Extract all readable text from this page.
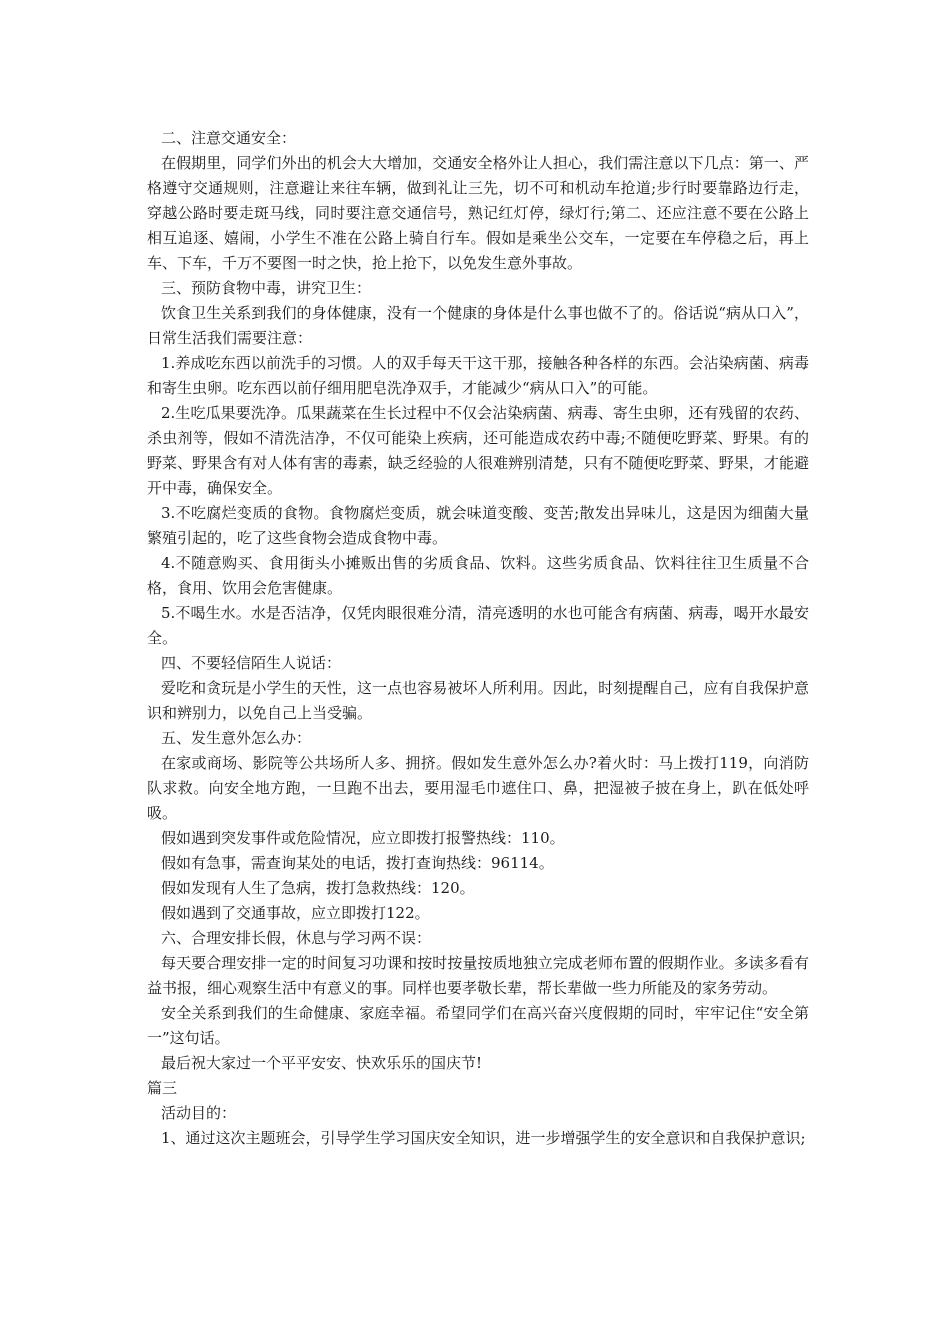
二、注意交通安全：

在假期里，同学们外出的机会大大增加，交通安全格外让人担心，我们需注意以下几点：第一、严格遵守交通规则，注意避让来往车辆，做到礼让三先，切不可和机动车抢道;步行时要靠路边行走，穿越公路时要走斑马线，同时要注意交通信号，熟记红灯停，绿灯行;第二、还应注意不要在公路上相互追逐、嬉闹，小学生不准在公路上骑自行车。假如是乘坐公交车，一定要在车停稳之后，再上车、下车，千万不要图一时之快，抢上抢下，以免发生意外事故。

三、预防食物中毒，讲究卫生：

饮食卫生关系到我们的身体健康，没有一个健康的身体是什么事也做不了的。俗话说“病从口入”，日常生活我们需要注意：

1.养成吃东西以前洗手的习惯。人的双手每天干这干那，接触各种各样的东西。会沾染病菌、病毒和寄生虫卵。吃东西以前仔细用肥皂洗净双手，才能减少“病从口入”的可能。

2.生吃瓜果要洗净。瓜果蔬菜在生长过程中不仅会沾染病菌、病毒、寄生虫卵，还有残留的农药、杀虫剂等，假如不清洗洁净，不仅可能染上疾病，还可能造成农药中毒;不随便吃野菜、野果。有的野菜、野果含有对人体有害的毒素，缺乏经验的人很难辨别清楚，只有不随便吃野菜、野果，才能避开中毒，确保安全。

3.不吃腐烂变质的食物。食物腐烂变质，就会味道变酸、变苦;散发出异味儿，这是因为细菌大量繁殖引起的，吃了这些食物会造成食物中毒。

4.不随意购买、食用街头小摊贩出售的劣质食品、饮料。这些劣质食品、饮料往往卫生质量不合格，食用、饮用会危害健康。

5.不喝生水。水是否洁净，仅凭肉眼很难分清，清亮透明的水也可能含有病菌、病毒，喝开水最安全。

四、不要轻信陌生人说话：

爱吃和贪玩是小学生的天性，这一点也容易被坏人所利用。因此，时刻提醒自己，应有自我保护意识和辨别力，以免自己上当受骗。

五、发生意外怎么办：

在家或商场、影院等公共场所人多、拥挤。假如发生意外怎么办?着火时：马上拨打119，向消防队求救。向安全地方跑，一旦跑不出去，要用湿毛巾遮住口、鼻，把湿被子披在身上，趴在低处呼吸。

假如遇到突发事件或危险情况，应立即拨打报警热线：110。

假如有急事，需查询某处的电话，拨打查询热线：96114。

假如发现有人生了急病，拨打急救热线：120。

假如遇到了交通事故，应立即拨打122。

六、合理安排长假，休息与学习两不误：

每天要合理安排一定的时间复习功课和按时按量按质地独立完成老师布置的假期作业。多读多看有益书报，细心观察生活中有意义的事。同样也要孝敬长辈，帮长辈做一些力所能及的家务劳动。

安全关系到我们的生命健康、家庭幸福。希望同学们在高兴奋兴度假期的同时，牢牢记住“安全第一”这句话。

最后祝大家过一个平平安安、快欢乐乐的国庆节!

篇三

活动目的：

1、通过这次主题班会，引导学生学习国庆安全知识，进一步增强学生的安全意识和自我保护意识;
